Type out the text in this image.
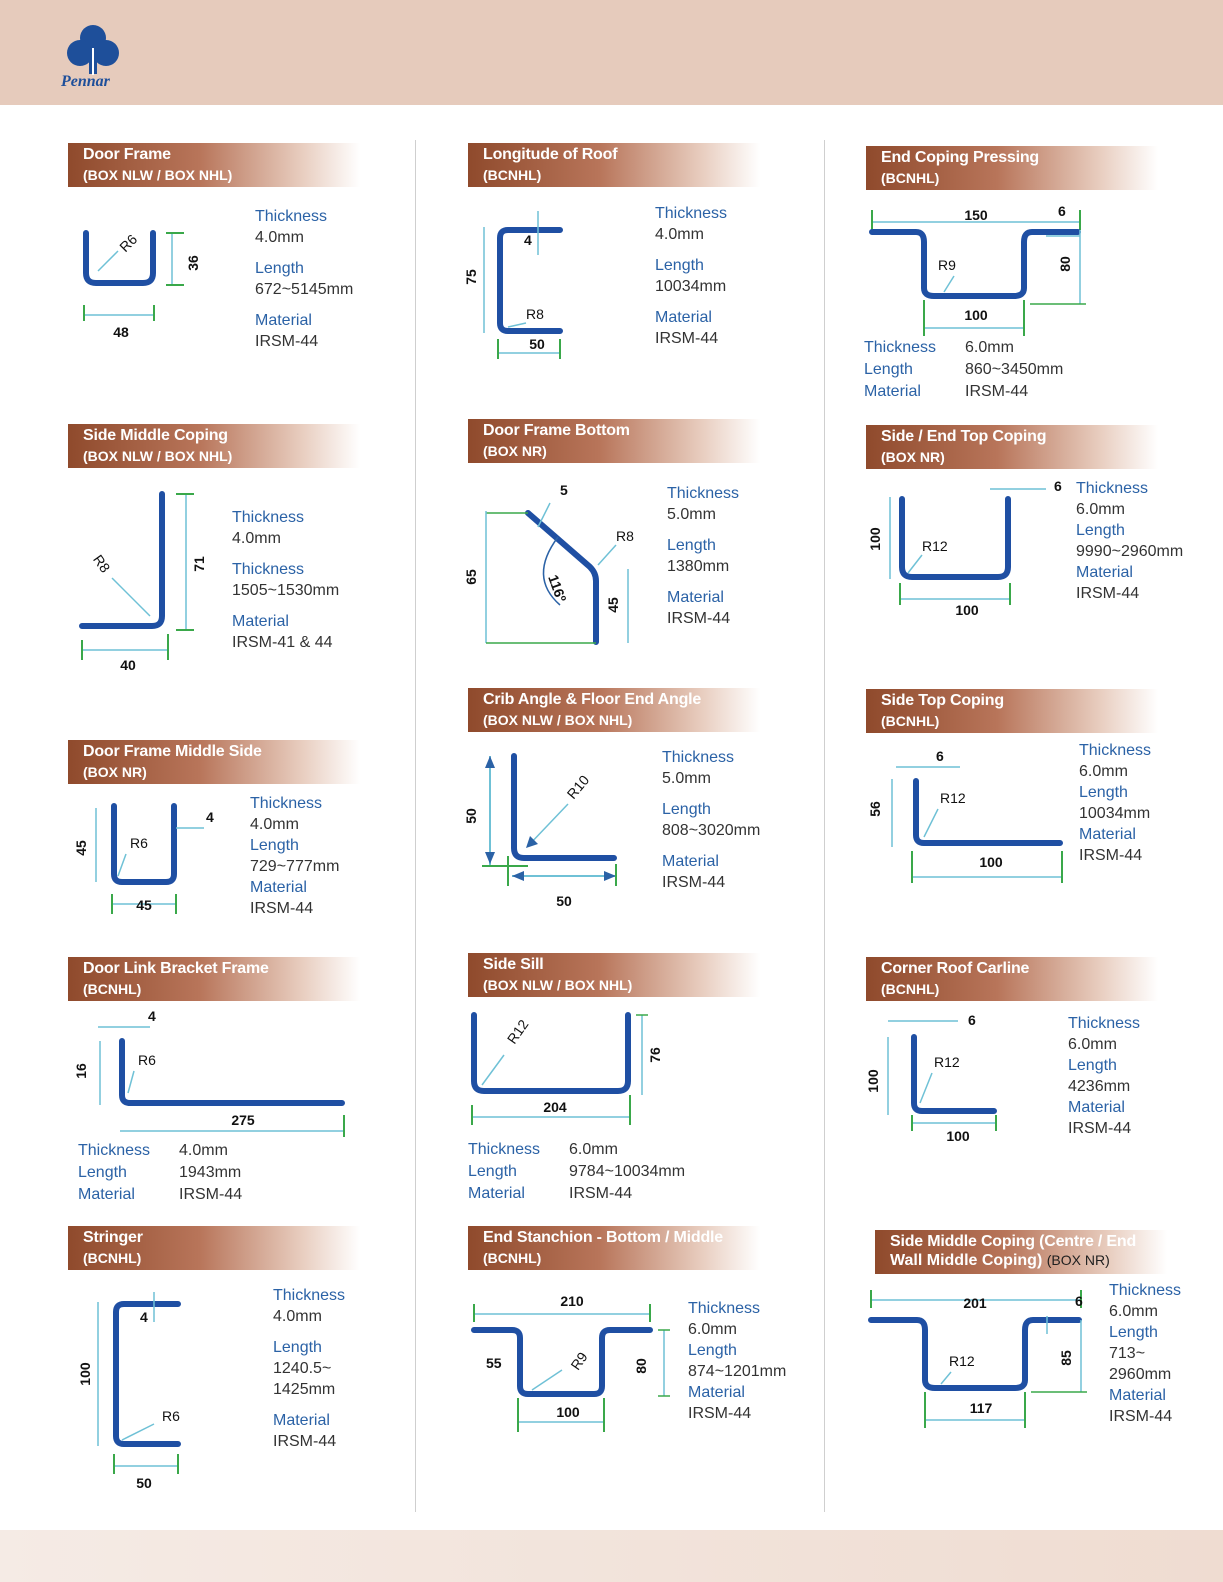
Pennar
Door Frame
(BOX NLW / BOX NHL)
R6
36
48
Thickness
4.0mm
Length
672~5145mm
Material
IRSM-44
Side Middle Coping
(BOX NLW / BOX NHL)
R8	71
40
Thickness
4.0mm
Thickness
1505~1530mm
Material
IRSM-41 & 44
Door Frame Middle Side
(BOX NR)
45	R6
4
45
Thickness
4.0mm
Length
729~777mm
Material
IRSM-44
Door Link Bracket Frame
(BCNHL)
4
16
R6
275
Thickness	4.0mm
Length	1943mm
Material	IRSM-44
Stringer
(BCNHL)
4
100
R6
50
Thickness
4.0mm
Length
1240.5~
1425mm
Material
IRSM-44
Longitude of Roof
(BCNHL)
4
75
R8
50
Thickness
4.0mm
Length
10034mm
Material
IRSM-44
Door Frame Bottom
(BOX NR)
5
R8
65	116º
45
Thickness
5.0mm
Length
1380mm
Material
IRSM-44
Crib Angle & Floor End Angle
(BOX NLW / BOX NHL)
50
R10
50
Thickness
5.0mm
Length
808~3020mm
Material
IRSM-44
Side Sill
(BOX NLW / BOX NHL)
R12
76
204
Thickness	6.0mm
Length	9784~10034mm
Material	IRSM-44
End Stanchion - Bottom / Middle
(BCNHL)
210
55	R9	80
100
Thickness
6.0mm
Length
874~1201mm
Material
IRSM-44
End Coping Pressing
(BCNHL)
150	6
R9	80
100
Thickness	6.0mm
Length	860~3450mm
Material	IRSM-44
Side / End Top Coping
(BOX NR)
6
100	R12
100
Thickness
6.0mm
Length
9990~2960mm
Material
IRSM-44
Side Top Coping
(BCNHL)
6
56
R12
100
Thickness
6.0mm
Length
10034mm
Material
IRSM-44
Corner Roof Carline
(BCNHL)
6
100
R12
100
Thickness
6.0mm
Length
4236mm
Material
IRSM-44
Side Middle Coping (Centre / End
Wall Middle Coping) (BOX NR)
201	6
R12	85
117
Thickness
6.0mm
Length
713~
2960mm
Material
IRSM-44
